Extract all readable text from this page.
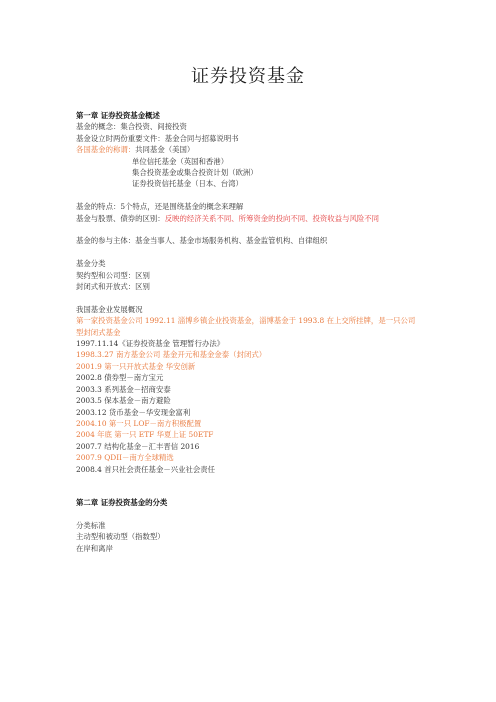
证券投资基金

第一章 证券投资基金概述

基金的概念：集合投资、间接投资

基金设立时两份重要文件：基金合同与招募说明书

各国基金的称谓：共同基金（美国）

单位信托基金（英国和香港）

集合投资基金或集合投资计划（欧洲）

证券投资信托基金（日本、台湾）

基金的特点：5个特点，还是围绕基金的概念来理解

基金与股票、债券的区别：反映的经济关系不同、所筹资金的投向不同、投资收益与风险不同

基金的参与主体：基金当事人、基金市场服务机构、基金监管机构、自律组织

基金分类

契约型和公司型：区别

封闭式和开放式：区别

我国基金业发展概况

第一家投资基金公司 1992.11 淄博乡镇企业投资基金，淄博基金于 1993.8 在上交所挂牌，是一只公司型封闭式基金

1997.11.14《证券投资基金 管理暂行办法》

1998.3.27 南方基金公司 基金开元和基金金泰（封闭式）

2001.9 第一只开放式基金 华安创新

2002.8 债券型－南方宝元

2003.3 系列基金－招商安泰

2003.5 保本基金－南方避险

2003.12 货币基金－华安现金富利

2004.10 第一只 LOF－南方积极配置

2004 年底 第一只 ETF 华夏上证 50ETF

2007.7 结构化基金－汇丰晋信 2016

2007.9 QDII－南方全球精选

2008.4 首只社会责任基金－兴业社会责任

第二章 证券投资基金的分类

分类标准

主动型和被动型（指数型）

在岸和离岸
